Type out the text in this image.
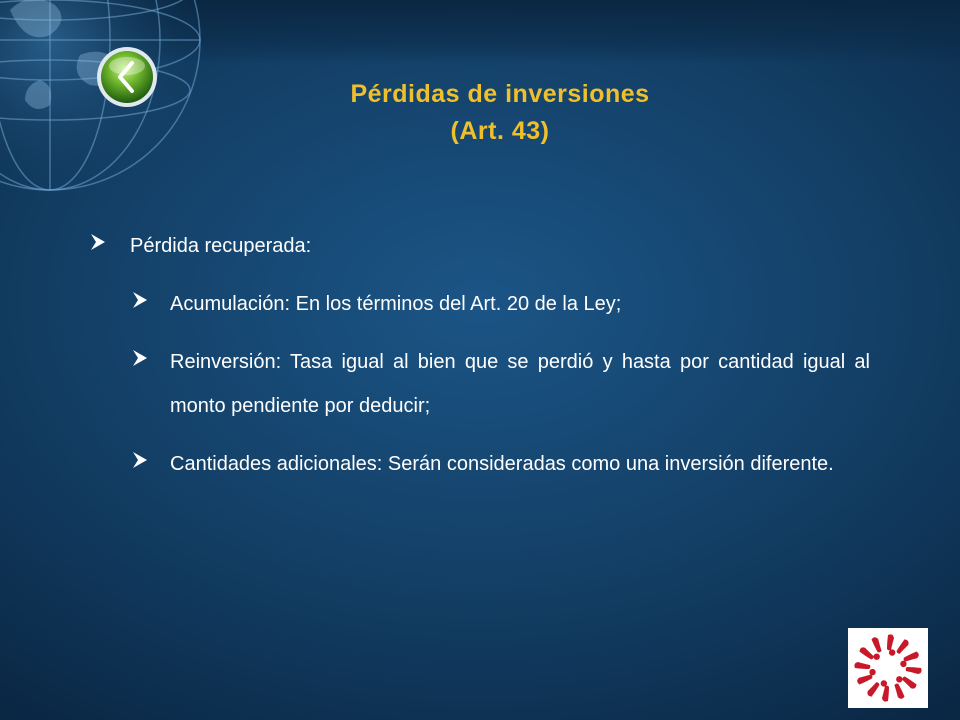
Pérdidas de inversiones
(Art. 43)
Pérdida recuperada:
Acumulación: En los términos del Art. 20 de la Ley;
Reinversión: Tasa igual al bien que se perdió y hasta por cantidad igual al monto pendiente por deducir;
Cantidades adicionales: Serán consideradas como una inversión diferente.
